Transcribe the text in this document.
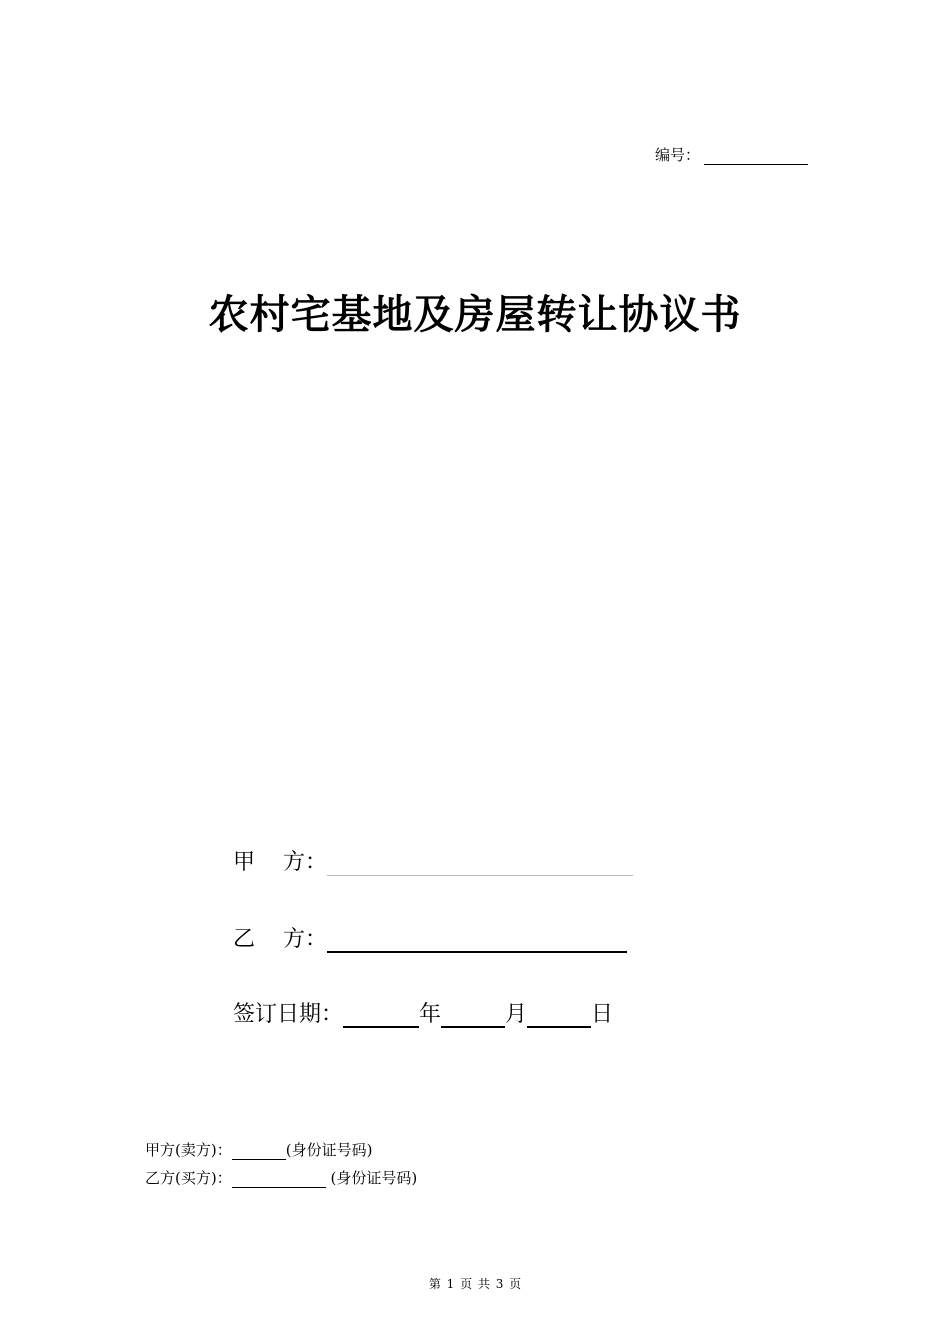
编号：
农村宅基地及房屋转让协议书
甲    方：
乙    方：
签订日期：	年	月	日
甲方(卖方)：	(身份证号码)
乙方(买方)：	(身份证号码)
第 1 页 共 3 页
